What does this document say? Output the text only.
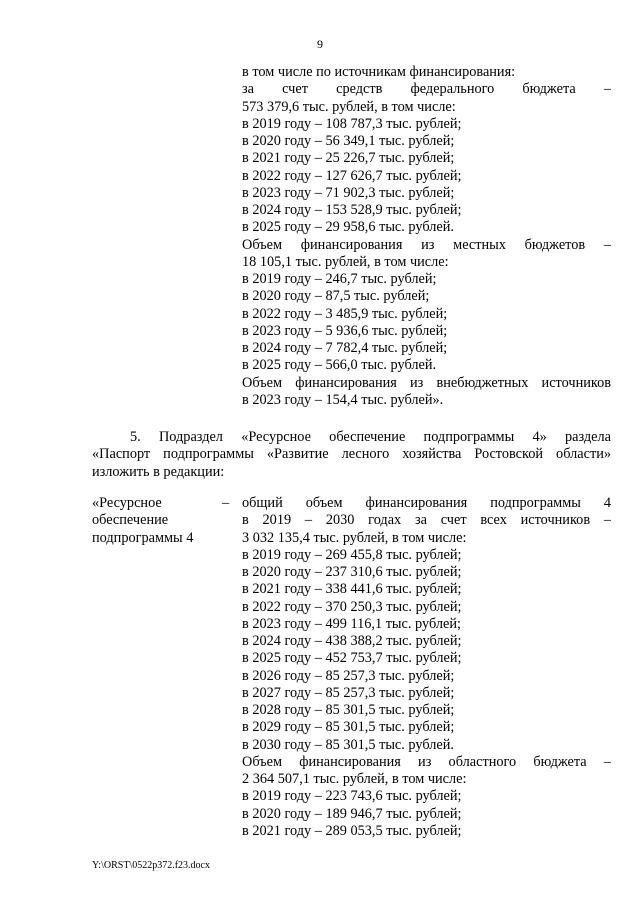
9
в том числе по источникам финансирования:
за счет средств федерального бюджета –
573 379,6 тыс. рублей, в том числе:
в 2019 году – 108 787,3 тыс. рублей;
в 2020 году – 56 349,1 тыс. рублей;
в 2021 году – 25 226,7 тыс. рублей;
в 2022 году – 127 626,7 тыс. рублей;
в 2023 году – 71 902,3 тыс. рублей;
в 2024 году – 153 528,9 тыс. рублей;
в 2025 году – 29 958,6 тыс. рублей.
Объем финансирования из местных бюджетов –
18 105,1 тыс. рублей, в том числе:
в 2019 году – 246,7 тыс. рублей;
в 2020 году – 87,5 тыс. рублей;
в 2022 году – 3 485,9 тыс. рублей;
в 2023 году – 5 936,6 тыс. рублей;
в 2024 году – 7 782,4 тыс. рублей;
в 2025 году – 566,0 тыс. рублей.
Объем финансирования из внебюджетных источников
в 2023 году – 154,4 тыс. рублей».
5. Подраздел «Ресурсное обеспечение подпрограммы 4» раздела
«Паспорт подпрограммы «Развитие лесного хозяйства Ростовской области»
изложить в редакции:
«Ресурсное
обеспечение
подпрограммы 4
– общий объем финансирования подпрограммы 4
в 2019 – 2030 годах за счет всех источников –
3 032 135,4 тыс. рублей, в том числе:
в 2019 году – 269 455,8 тыс. рублей;
в 2020 году – 237 310,6 тыс. рублей;
в 2021 году – 338 441,6 тыс. рублей;
в 2022 году – 370 250,3 тыс. рублей;
в 2023 году – 499 116,1 тыс. рублей;
в 2024 году – 438 388,2 тыс. рублей;
в 2025 году – 452 753,7 тыс. рублей;
в 2026 году – 85 257,3 тыс. рублей;
в 2027 году – 85 257,3 тыс. рублей;
в 2028 году – 85 301,5 тыс. рублей;
в 2029 году – 85 301,5 тыс. рублей;
в 2030 году – 85 301,5 тыс. рублей.
Объем финансирования из областного бюджета –
2 364 507,1 тыс. рублей, в том числе:
в 2019 году – 223 743,6 тыс. рублей;
в 2020 году – 189 946,7 тыс. рублей;
в 2021 году – 289 053,5 тыс. рублей;
Y:\ORST\0522p372.f23.docx
